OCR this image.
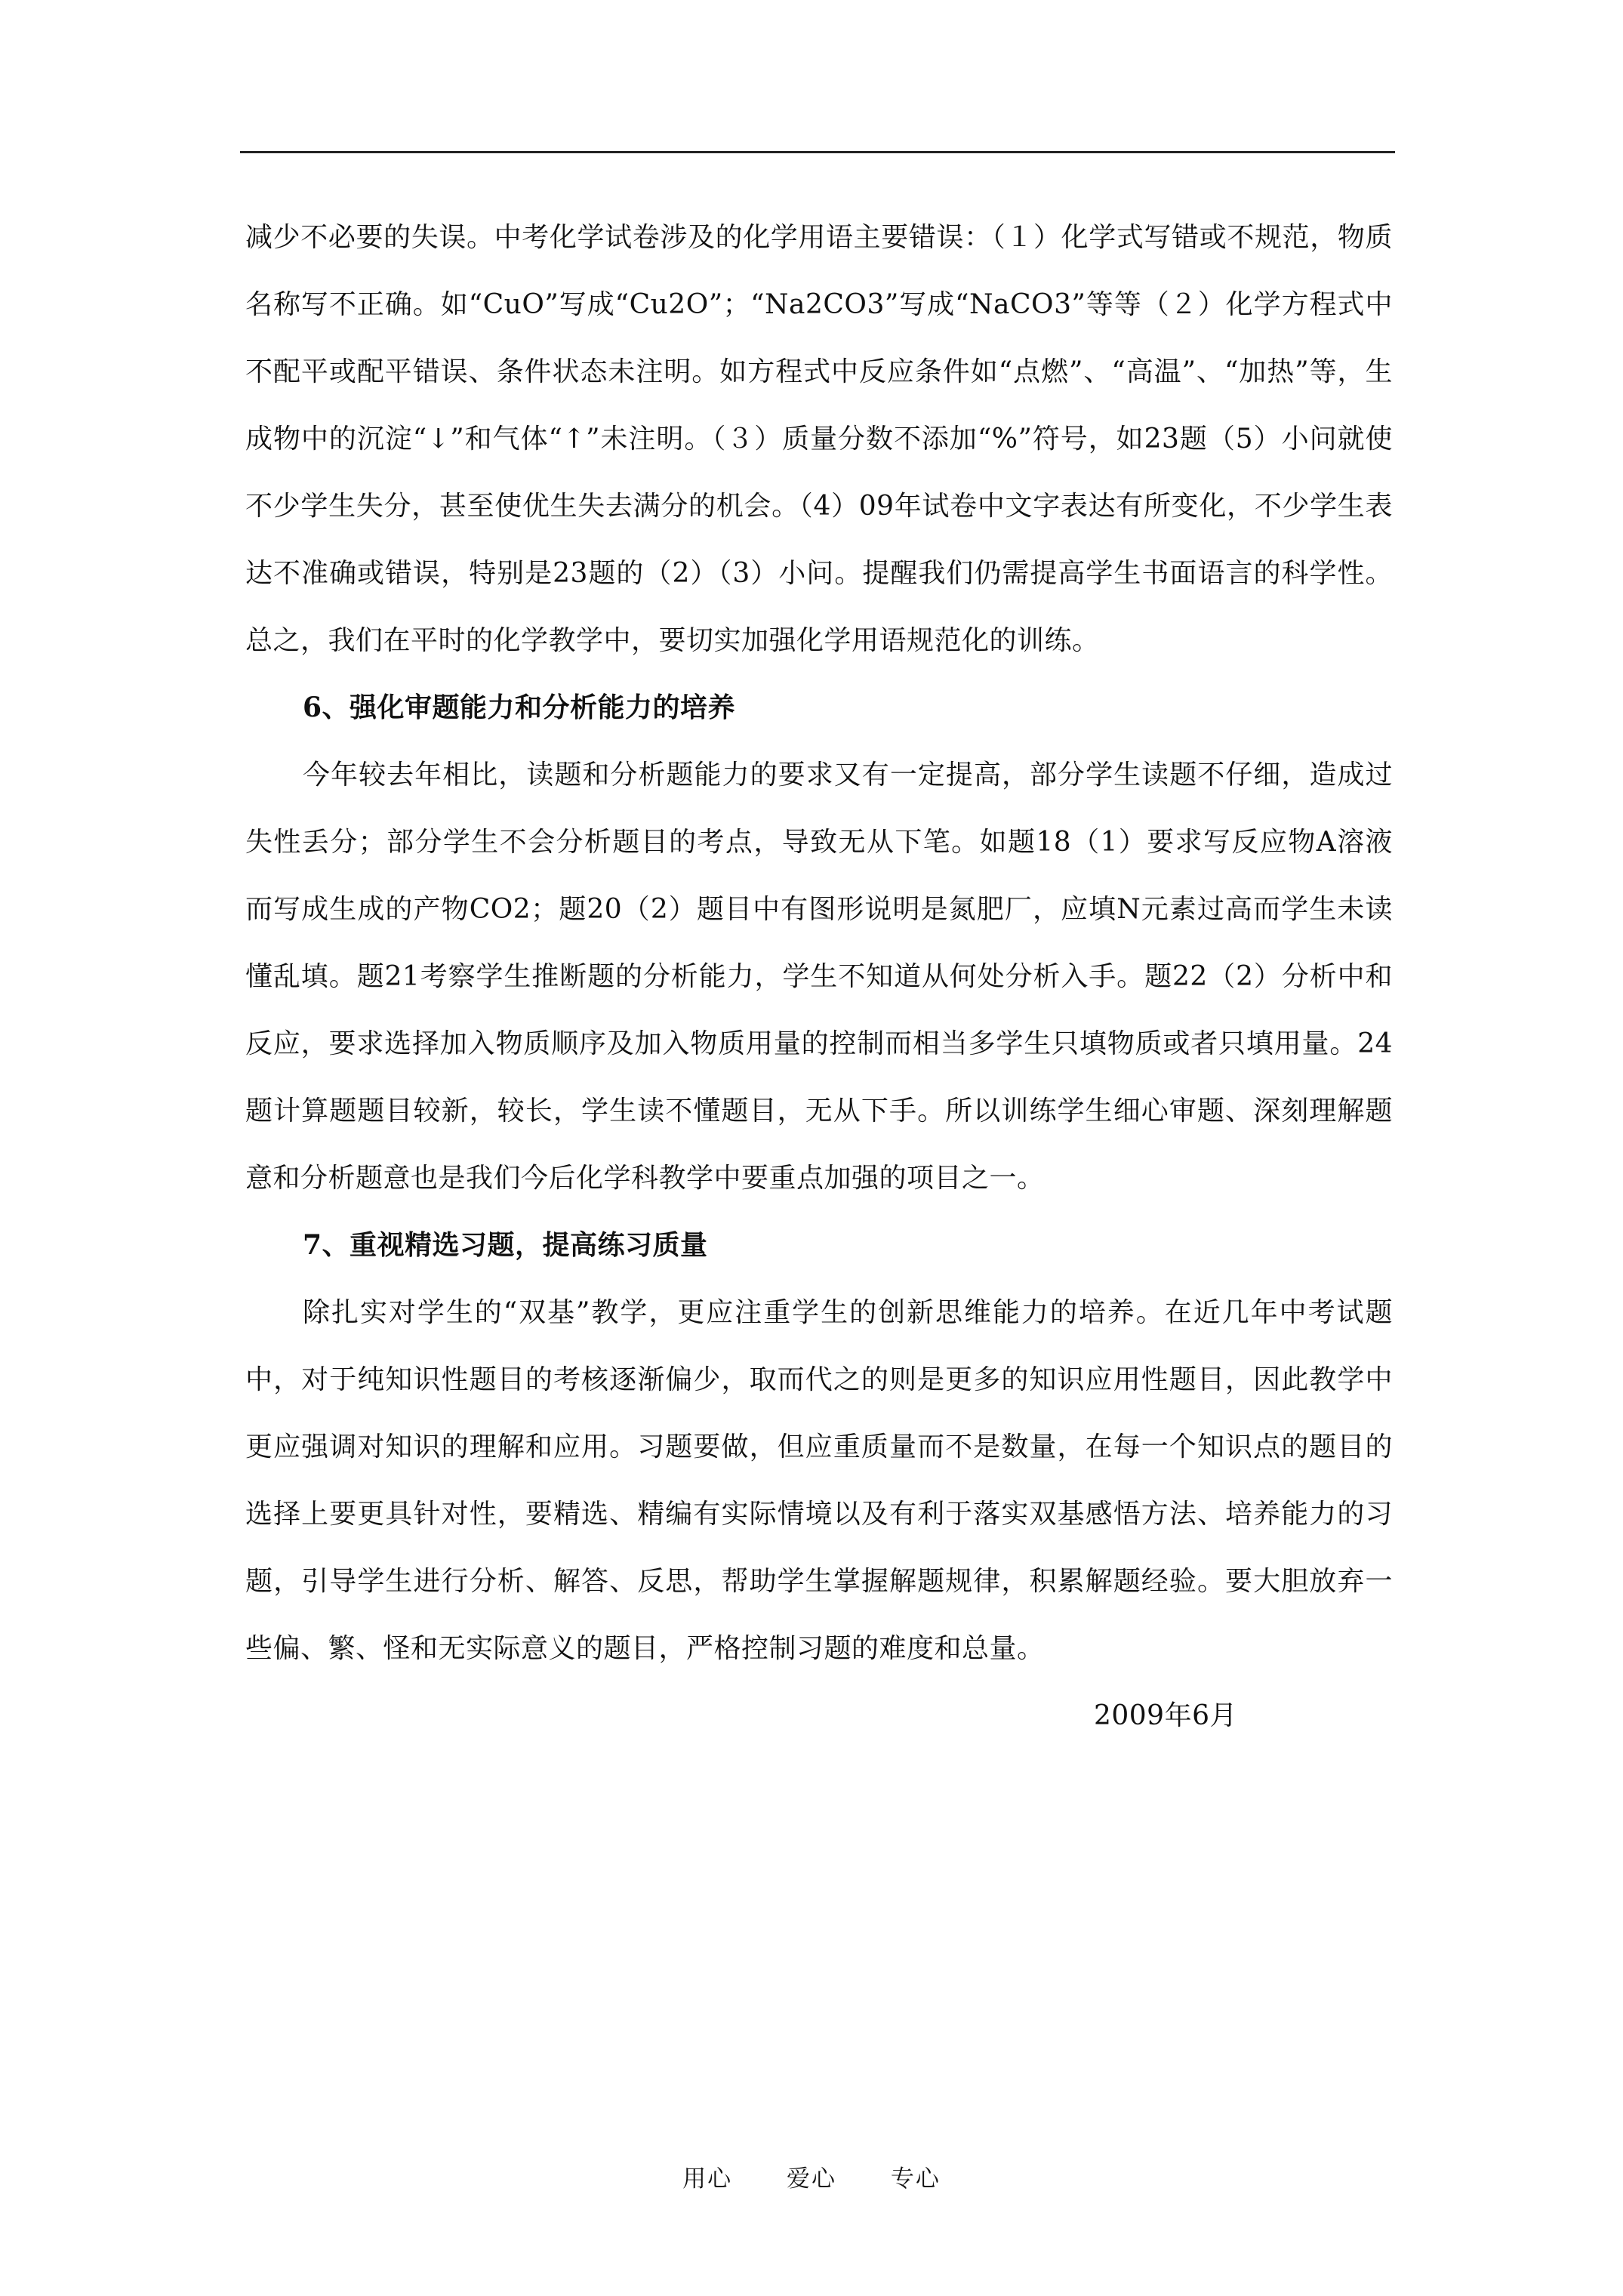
减少不必要的失误。中考化学试卷涉及的化学用语主要错误：（１）化学式写错或不规范，物质名称写不正确。如“CuO”写成“Cu2O”；“Na2CO3”写成“NaCO3”等等（２）化学方程式中不配平或配平错误、条件状态未注明。如方程式中反应条件如“点燃”、“高温”、“加热”等，生成物中的沉淀“↓”和气体“↑”未注明。（３）质量分数不添加“%”符号，如23题（5）小问就使不少学生失分，甚至使优生失去满分的机会。（4）09年试卷中文字表达有所变化，不少学生表达不准确或错误，特别是23题的（2）（3）小问。提醒我们仍需提高学生书面语言的科学性。总之，我们在平时的化学教学中，要切实加强化学用语规范化的训练。

6、强化审题能力和分析能力的培养

今年较去年相比，读题和分析题能力的要求又有一定提高，部分学生读题不仔细，造成过失性丢分；部分学生不会分析题目的考点，导致无从下笔。如题18（1）要求写反应物A溶液而写成生成的产物CO2；题20（2）题目中有图形说明是氮肥厂，应填N元素过高而学生未读懂乱填。题21考察学生推断题的分析能力，学生不知道从何处分析入手。题22（2）分析中和反应，要求选择加入物质顺序及加入物质用量的控制而相当多学生只填物质或者只填用量。24题计算题题目较新，较长，学生读不懂题目，无从下手。所以训练学生细心审题、深刻理解题意和分析题意也是我们今后化学科教学中要重点加强的项目之一。

7、重视精选习题，提高练习质量

除扎实对学生的“双基”教学，更应注重学生的创新思维能力的培养。在近几年中考试题中，对于纯知识性题目的考核逐渐偏少，取而代之的则是更多的知识应用性题目，因此教学中更应强调对知识的理解和应用。习题要做，但应重质量而不是数量，在每一个知识点的题目的选择上要更具针对性，要精选、精编有实际情境以及有利于落实双基感悟方法、培养能力的习题，引导学生进行分析、解答、反思，帮助学生掌握解题规律，积累解题经验。要大胆放弃一些偏、繁、怪和无实际意义的题目，严格控制习题的难度和总量。

2009年6月

用心 爱心 专心
